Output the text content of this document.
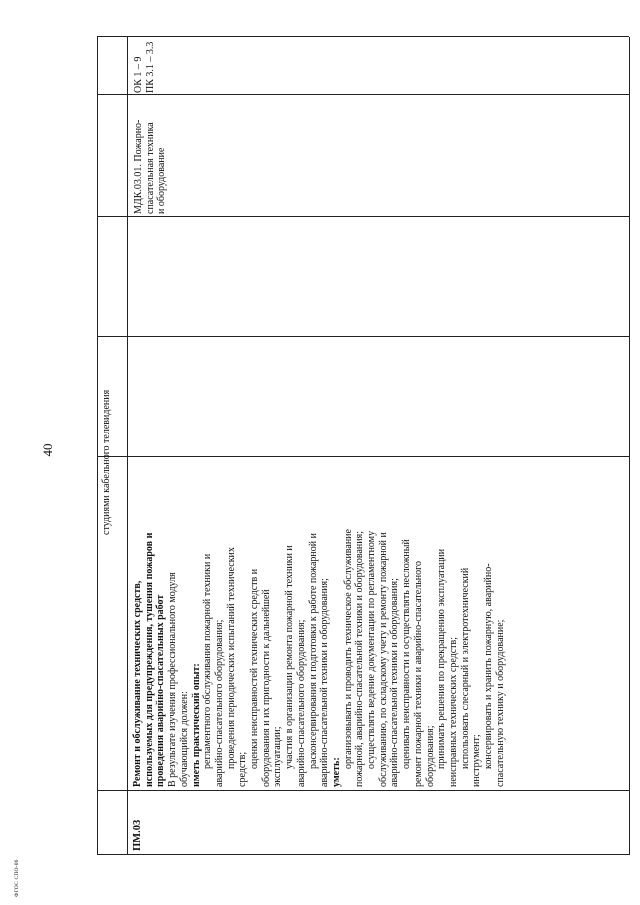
40
ФГОС СПО-06
студиями кабельного телевидения
ПМ.03

Ремонт и обслуживание технических средств, используемых для предупреждения, тушения пожаров и проведения аварийно-спасательных работ В результате изучения профессионального модуля обучающийся должен: иметь практический опыт: регламентного обслуживания пожарной техники и аварийно-спасательного оборудования; проведения периодических испытаний технических
средств;
оценки неисправностей технических средств и оборудования и их пригодности к дальнейшей эксплуатации; участия в организации ремонта пожарной техники и аварийно-спасательного оборудования; расконсервирования и подготовки к работе пожарной и аварийно-спасательной техники и оборудования; уметь:

организовывать и проводить техническое обслуживание пожарной, аварийно-спасательной техники и оборудования; осуществлять ведение документации по регламентному обслуживанию, по складскому учету и ремонту пожарной и аварийно-спасательной техники и оборудования; оценивать неисправности и осуществлять несложный ремонт пожарной техники и аварийно-спасательного оборудования; принимать решения по прекращению эксплуатации неисправных технических средств; использовать слесарный и электротехнический инструмент; консервировать и хранить пожарную, аварийно- спасательную технику и оборудование;
МДК.03.01. Пожарно- спасательная техника и оборудование
ОК 1 – 9 ПК 3.1 – 3.3
